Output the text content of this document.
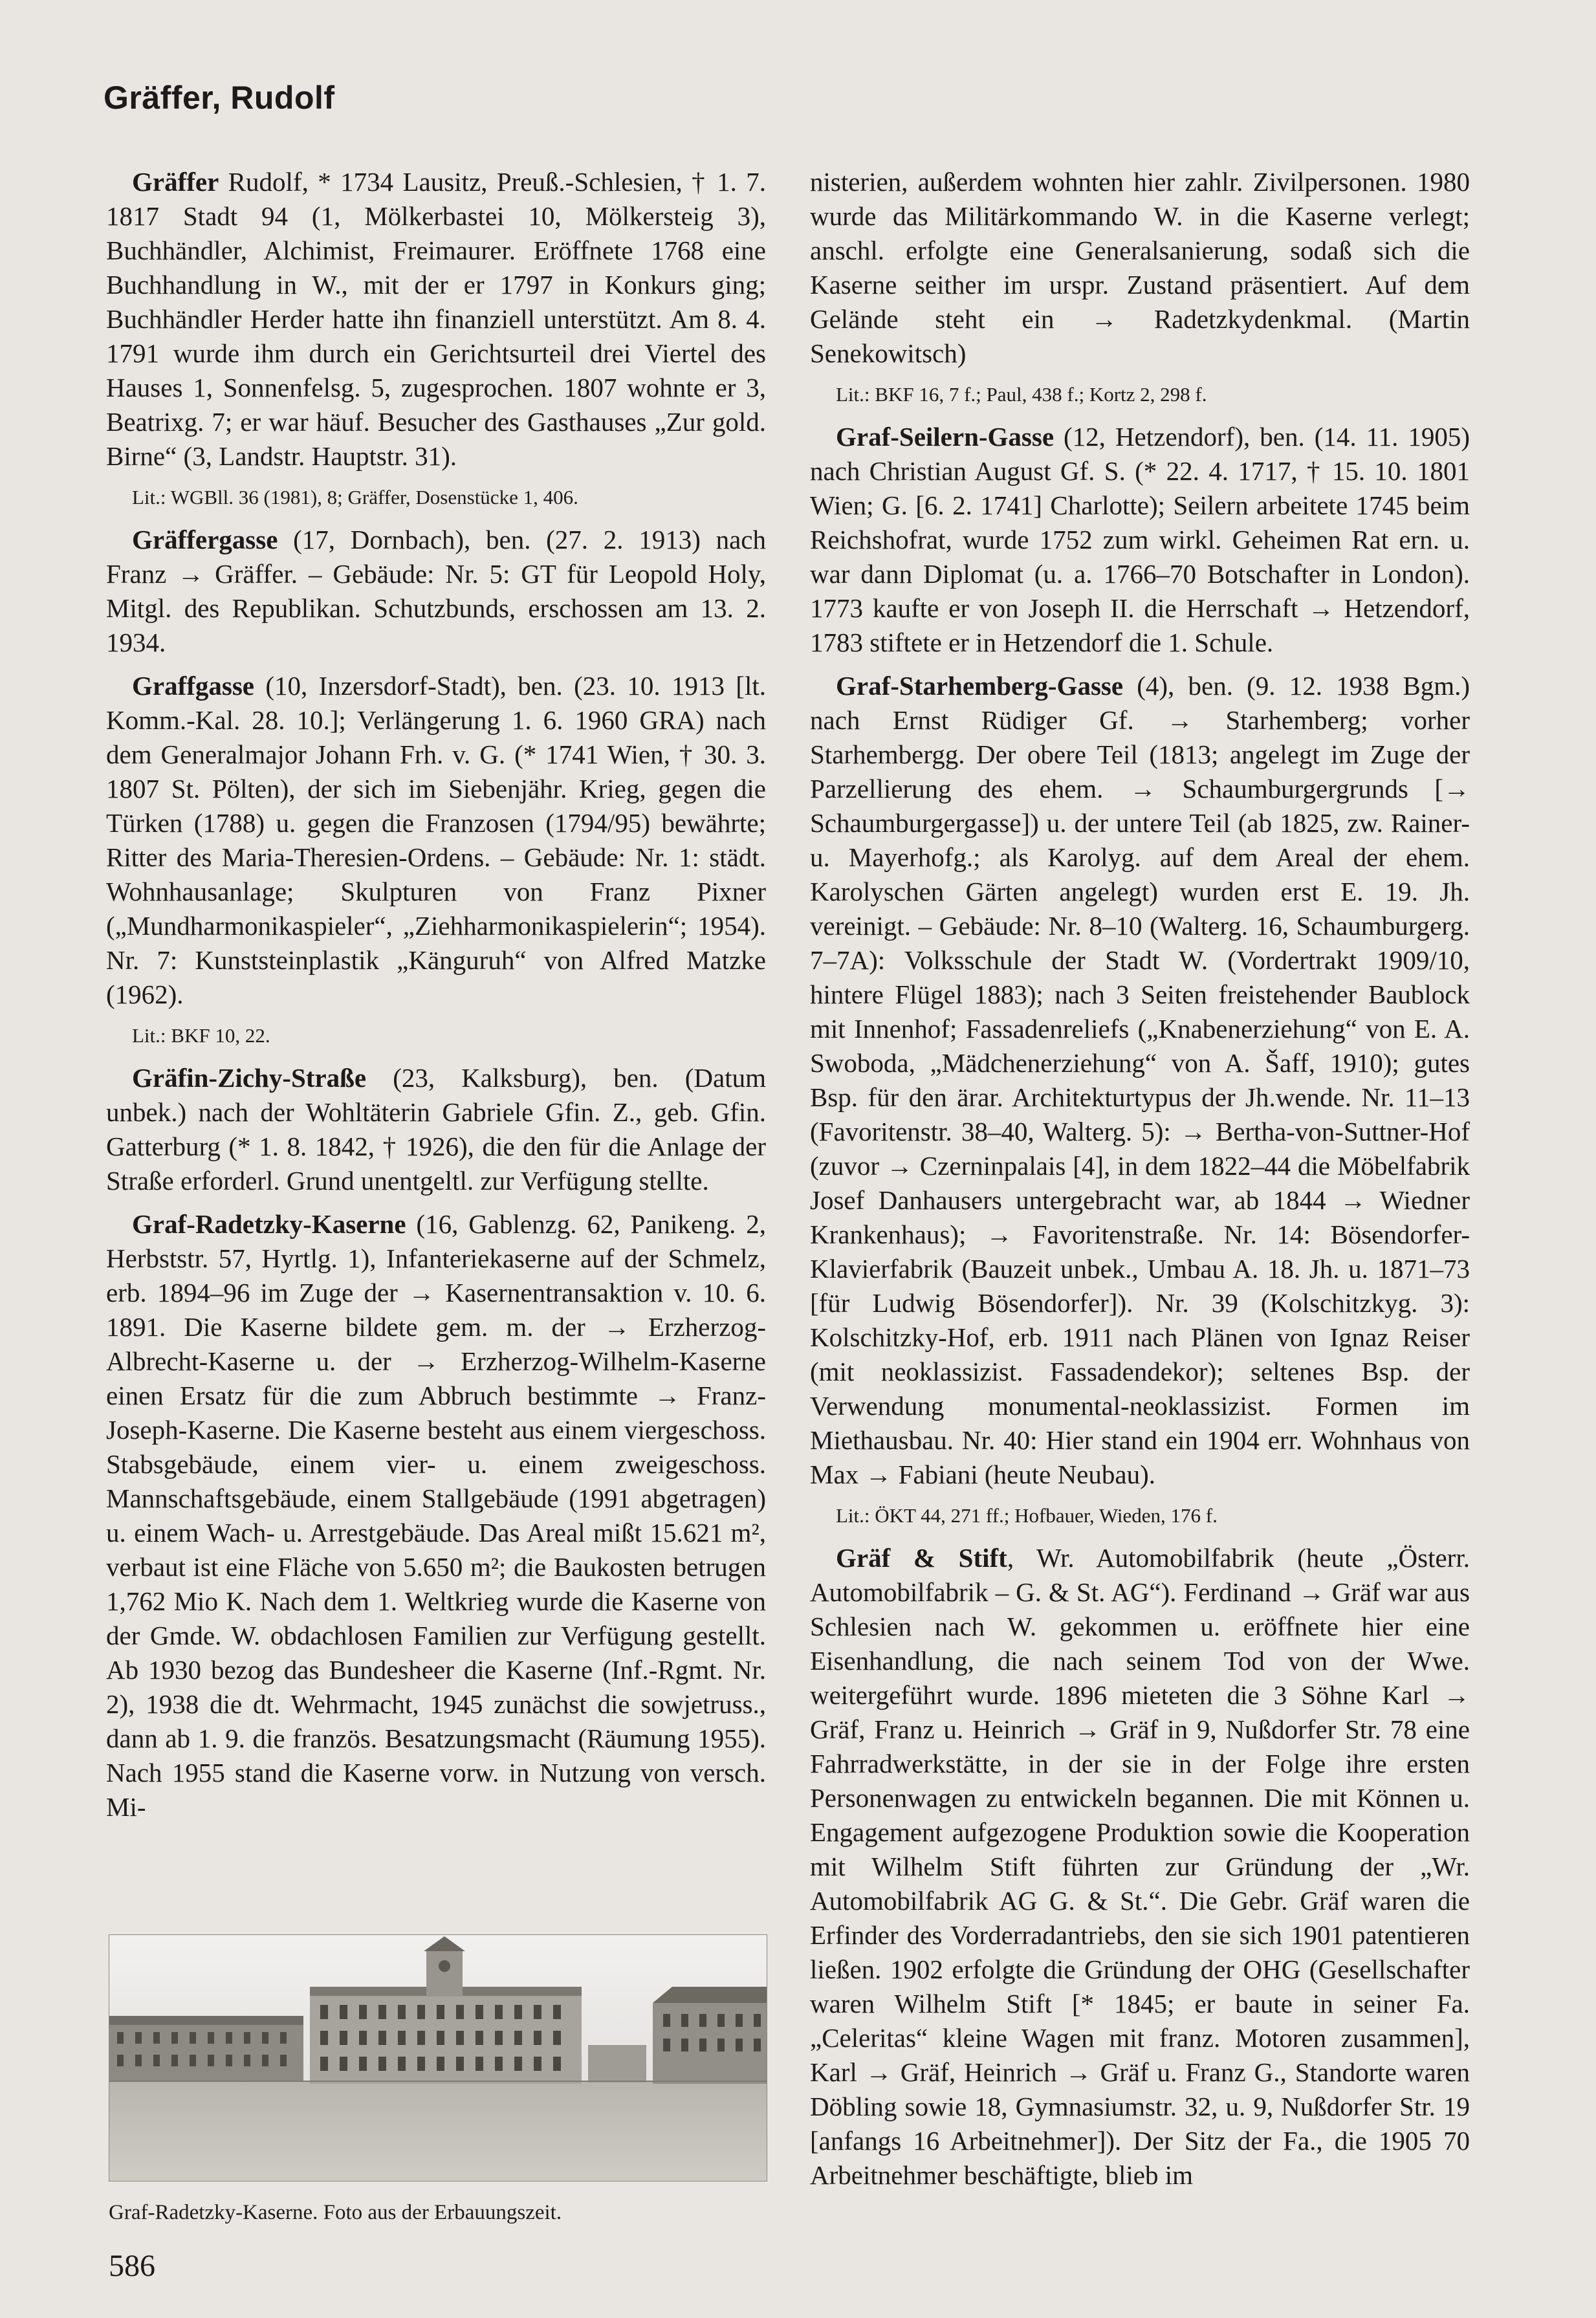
Gräffer, Rudolf

Gräffer Rudolf, * 1734 Lausitz, Preuß.-Schlesien, † 1. 7. 1817 Stadt 94 (1, Mölkerbastei 10, Mölkersteig 3), Buchhändler, Alchimist, Freimaurer. Eröffnete 1768 eine Buchhandlung in W., mit der er 1797 in Konkurs ging; Buchhändler Herder hatte ihn finanziell unterstützt. Am 8. 4. 1791 wurde ihm durch ein Gerichtsurteil drei Viertel des Hauses 1, Sonnenfelsg. 5, zugesprochen. 1807 wohnte er 3, Beatrixg. 7; er war häuf. Besucher des Gasthauses „Zur gold. Birne“ (3, Landstr. Hauptstr. 31).

Lit.: WGBll. 36 (1981), 8; Gräffer, Dosenstücke 1, 406.

Gräffergasse (17, Dornbach), ben. (27. 2. 1913) nach Franz → Gräffer. – Gebäude: Nr. 5: GT für Leopold Holy, Mitgl. des Republikan. Schutzbunds, erschossen am 13. 2. 1934.

Graffgasse (10, Inzersdorf-Stadt), ben. (23. 10. 1913 [lt. Komm.-Kal. 28. 10.]; Verlängerung 1. 6. 1960 GRA) nach dem Generalmajor Johann Frh. v. G. (* 1741 Wien, † 30. 3. 1807 St. Pölten), der sich im Siebenjähr. Krieg, gegen die Türken (1788) u. gegen die Franzosen (1794/95) bewährte; Ritter des Maria-Theresien-Ordens. – Gebäude: Nr. 1: städt. Wohnhausanlage; Skulpturen von Franz Pixner („Mundharmonikaspieler“, „Ziehharmonikaspielerin“; 1954). Nr. 7: Kunststeinplastik „Känguruh“ von Alfred Matzke (1962).

Lit.: BKF 10, 22.

Gräfin-Zichy-Straße (23, Kalksburg), ben. (Datum unbek.) nach der Wohltäterin Gabriele Gfin. Z., geb. Gfin. Gatterburg (* 1. 8. 1842, † 1926), die den für die Anlage der Straße erforderl. Grund unentgeltl. zur Verfügung stellte.

Graf-Radetzky-Kaserne (16, Gablenzg. 62, Panikeng. 2, Herbststr. 57, Hyrtlg. 1), Infanteriekaserne auf der Schmelz, erb. 1894–96 im Zuge der → Kasernentransaktion v. 10. 6. 1891. Die Kaserne bildete gem. m. der → Erzherzog-Albrecht-Kaserne u. der → Erzherzog-Wilhelm-Kaserne einen Ersatz für die zum Abbruch bestimmte → Franz-Joseph-Kaserne. Die Kaserne besteht aus einem viergeschoss. Stabsgebäude, einem vier- u. einem zweigeschoss. Mannschaftsgebäude, einem Stallgebäude (1991 abgetragen) u. einem Wach- u. Arrestgebäude. Das Areal mißt 15.621 m², verbaut ist eine Fläche von 5.650 m²; die Baukosten betrugen 1,762 Mio K. Nach dem 1. Weltkrieg wurde die Kaserne von der Gmde. W. obdachlosen Familien zur Verfügung gestellt. Ab 1930 bezog das Bundesheer die Kaserne (Inf.-Rgmt. Nr. 2), 1938 die dt. Wehrmacht, 1945 zunächst die sowjetruss., dann ab 1. 9. die französ. Besatzungsmacht (Räumung 1955). Nach 1955 stand die Kaserne vorw. in Nutzung von versch. Mi-

Graf-Radetzky-Kaserne. Foto aus der Erbauungszeit.

nisterien, außerdem wohnten hier zahlr. Zivilpersonen. 1980 wurde das Militärkommando W. in die Kaserne verlegt; anschl. erfolgte eine Generalsanierung, sodaß sich die Kaserne seither im urspr. Zustand präsentiert. Auf dem Gelände steht ein → Radetzkydenkmal. (Martin Senekowitsch)

Lit.: BKF 16, 7 f.; Paul, 438 f.; Kortz 2, 298 f.

Graf-Seilern-Gasse (12, Hetzendorf), ben. (14. 11. 1905) nach Christian August Gf. S. (* 22. 4. 1717, † 15. 10. 1801 Wien; G. [6. 2. 1741] Charlotte); Seilern arbeitete 1745 beim Reichshofrat, wurde 1752 zum wirkl. Geheimen Rat ern. u. war dann Diplomat (u. a. 1766–70 Botschafter in London). 1773 kaufte er von Joseph II. die Herrschaft → Hetzendorf, 1783 stiftete er in Hetzendorf die 1. Schule.

Graf-Starhemberg-Gasse (4), ben. (9. 12. 1938 Bgm.) nach Ernst Rüdiger Gf. → Starhemberg; vorher Starhembergg. Der obere Teil (1813; angelegt im Zuge der Parzellierung des ehem. → Schaumburgergrunds [→ Schaumburgergasse]) u. der untere Teil (ab 1825, zw. Rainer- u. Mayerhofg.; als Karolyg. auf dem Areal der ehem. Karolyschen Gärten angelegt) wurden erst E. 19. Jh. vereinigt. – Gebäude: Nr. 8–10 (Walterg. 16, Schaumburgerg. 7–7A): Volksschule der Stadt W. (Vordertrakt 1909/10, hintere Flügel 1883); nach 3 Seiten freistehender Baublock mit Innenhof; Fassadenreliefs („Knabenerziehung“ von E. A. Swoboda, „Mädchenerziehung“ von A. Šaff, 1910); gutes Bsp. für den ärar. Architekturtypus der Jh.wende. Nr. 11–13 (Favoritenstr. 38–40, Walterg. 5): → Bertha-von-Suttner-Hof (zuvor → Czerninpalais [4], in dem 1822–44 die Möbelfabrik Josef Danhausers untergebracht war, ab 1844 → Wiedner Krankenhaus); → Favoritenstraße. Nr. 14: Bösendorfer-Klavierfabrik (Bauzeit unbek., Umbau A. 18. Jh. u. 1871–73 [für Ludwig Bösendorfer]). Nr. 39 (Kolschitzkyg. 3): Kolschitzky-Hof, erb. 1911 nach Plänen von Ignaz Reiser (mit neoklassizist. Fassadendekor); seltenes Bsp. der Verwendung monumental-neoklassizist. Formen im Miethausbau. Nr. 40: Hier stand ein 1904 err. Wohnhaus von Max → Fabiani (heute Neubau).

Lit.: ÖKT 44, 271 ff.; Hofbauer, Wieden, 176 f.

Gräf & Stift, Wr. Automobilfabrik (heute „Österr. Automobilfabrik – G. & St. AG“). Ferdinand → Gräf war aus Schlesien nach W. gekommen u. eröffnete hier eine Eisenhandlung, die nach seinem Tod von der Wwe. weitergeführt wurde. 1896 mieteten die 3 Söhne Karl → Gräf, Franz u. Heinrich → Gräf in 9, Nußdorfer Str. 78 eine Fahrradwerkstätte, in der sie in der Folge ihre ersten Personenwagen zu entwickeln begannen. Die mit Können u. Engagement aufgezogene Produktion sowie die Kooperation mit Wilhelm Stift führten zur Gründung der „Wr. Automobilfabrik AG G. & St.“. Die Gebr. Gräf waren die Erfinder des Vorderradantriebs, den sie sich 1901 patentieren ließen. 1902 erfolgte die Gründung der OHG (Gesellschafter waren Wilhelm Stift [* 1845; er baute in seiner Fa. „Celeritas“ kleine Wagen mit franz. Motoren zusammen], Karl → Gräf, Heinrich → Gräf u. Franz G., Standorte waren Döbling sowie 18, Gymnasiumstr. 32, u. 9, Nußdorfer Str. 19 [anfangs 16 Arbeitnehmer]). Der Sitz der Fa., die 1905 70 Arbeitnehmer beschäftigte, blieb im

586
